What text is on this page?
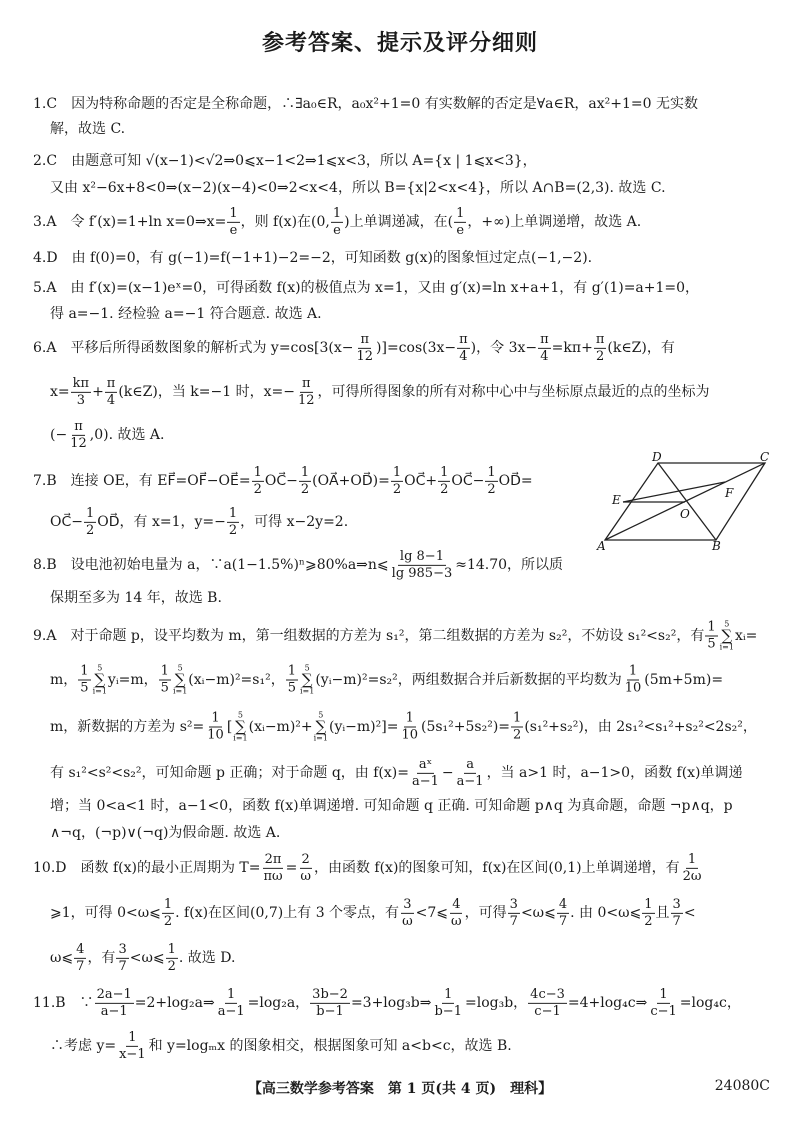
参考答案、提示及评分细则
1.C　因为特称命题的否定是全称命题，∴∃a₀∈R，a₀x²+1=0 有实数解的否定是∀a∈R，ax²+1=0 无实数
解，故选 C.
2.C　由题意可知 √(x−1)<√2⇒0⩽x−1<2⇒1⩽x<3，所以 A={x | 1⩽x<3}，
又由 x²−6x+8<0⇒(x−2)(x−4)<0⇒2<x<4，所以 B={x|2<x<4}，所以 A∩B=(2,3). 故选 C.
3.A　令 f′(x)=1+ln x=0⇒x= $\frac{1}{e}$ ，则 f(x)在(0, $\frac{1}{e}$ )上单调递减，在( $\frac{1}{e}$ ，+∞)上单调递增，故选 A.
4.D　由 f(0)=0，有 g(−1)=f(−1+1)−2=−2，可知函数 g(x)的图象恒过定点(−1,−2).
5.A　由 f′(x)=(x−1)eˣ=0，可得函数 f(x)的极值点为 x=1，又由 g′(x)=ln x+a+1，有 g′(1)=a+1=0，
得 a=−1. 经检验 a=−1 符合题意. 故选 A.
6.A　平移后所得函数图象的解析式为 $y=\cos[3(x- \frac{\pi}{12} )]=\cos(3x- \frac{\pi}{4}$ )，令 $3x- \frac{\pi}{4} =k\pi+ \frac{\pi}{2}$ (k∈Z)，有
$x= \frac{k\pi}{3} + \frac{\pi}{4}$ (k∈Z)，当 k=−1 时，$x=- \frac{\pi}{12}$ ，可得所得图象的所有对称中心中与坐标原点最近的点的坐标为
(− $\frac{\pi}{12} ,0$). 故选 A.
7.B　连接 OE，有 EF⃗=OF⃗−OE⃗= $\frac{1}{2}$ OC⃗− $\frac{1}{2}$ (OA⃗+OD⃗)= $\frac{1}{2}$ OC⃗+ $\frac{1}{2}$ OC⃗− $\frac{1}{2}$ OD⃗=
OC⃗− $\frac{1}{2}$ OD⃗，有 x=1，$y=- \frac{1}{2}$ ，可得 x−2y=2.
A	B
C
D
E	F
O
8.B　设电池初始电量为 a，∵a(1−1.5%)ⁿ⩾80%a⇒n⩽ $\frac{\lg 8-1}{\lg 985-3} \approx 14.70$，所以质
保期至多为 14 年，故选 B.
9.A　对于命题 p，设平均数为 m，第一组数据的方差为 s₁²，第二组数据的方差为 s₂²，不妨设 s₁²<s₂²，有 $\frac{1}{5} 5$
∑
i=1
xᵢ=
m， $\frac{1}{5} 5$
∑
i=1
yᵢ=m， $\frac{1}{5} 5$
∑
i=1
(xᵢ−m)²=s₁²， $\frac{1}{5} 5$
∑
i=1
(yᵢ−m)²=s₂²，两组数据合并后新数据的平均数为 $\frac{1}{10} (5m+5m)=$
m，新数据的方差为 $s^2= \frac{1}{10}$ [
5
∑
i=1
(xᵢ−m)²+
5
∑
i=1
(yᵢ−m)²]= $\frac{1}{10} (5s_1^2+5s_2^2)= \frac{1}{2} (s_1^2+s_2^2)$，由 2s₁²<s₁²+s₂²<2s₂²，
有 s₁²<s²<s₂²，可知命题 p 正确；对于命题 q，由 $f(x)= \frac{\text{aˣ}}{a-1} - \frac{a}{a-1}$ ，当 a>1 时，a−1>0，函数 f(x)单调递
增；当 0<a<1 时，a−1<0，函数 f(x)单调递增. 可知命题 q 正确. 可知命题 p∧q 为真命题，命题 ¬p∧q，p
∧¬q，(¬p)∨(¬q)为假命题. 故选 A.
10.D　函数 f(x)的最小正周期为 $T= \frac{2\pi}{\pi\omega} = \frac{2}{\omega}$ ，由函数 f(x)的图象可知，f(x)在区间(0,1)上单调递增，有 $\frac{1}{2\omega}$
⩾1，可得 0<ω⩽ $\frac{1}{2}$ . f(x)在区间(0,7)上有 3 个零点，有 $\frac{3}{\omega}$ <7⩽ $\frac{4}{\omega}$ ，可得 $\frac{3}{7}$ <ω⩽ $\frac{4}{7}$ . 由 0<ω⩽ $\frac{1}{2}$ 且 $\frac{3}{7}$ <
ω⩽ $\frac{4}{7}$ ，有 $\frac{3}{7}$ <ω⩽ $\frac{1}{2}$ . 故选 D.
11.B　∵ $\frac{2a-1}{a-1}$ =2+log₂a⇒ $\frac{1}{a-1} =\log_2a$， $\frac{3b-2}{b-1}$ =3+log₃b⇒ $\frac{1}{b-1} =\log_3b$， $\frac{4c-3}{c-1}$ =4+log₄c⇒ $\frac{1}{c-1} =\log_4c$，
∴考虑 $y= \frac{1}{x-1}$ 和 y=logₘx 的图象相交，根据图象可知 a<b<c，故选 B.
【高三数学参考答案　第 1 页(共 4 页)　理科】	24080C
